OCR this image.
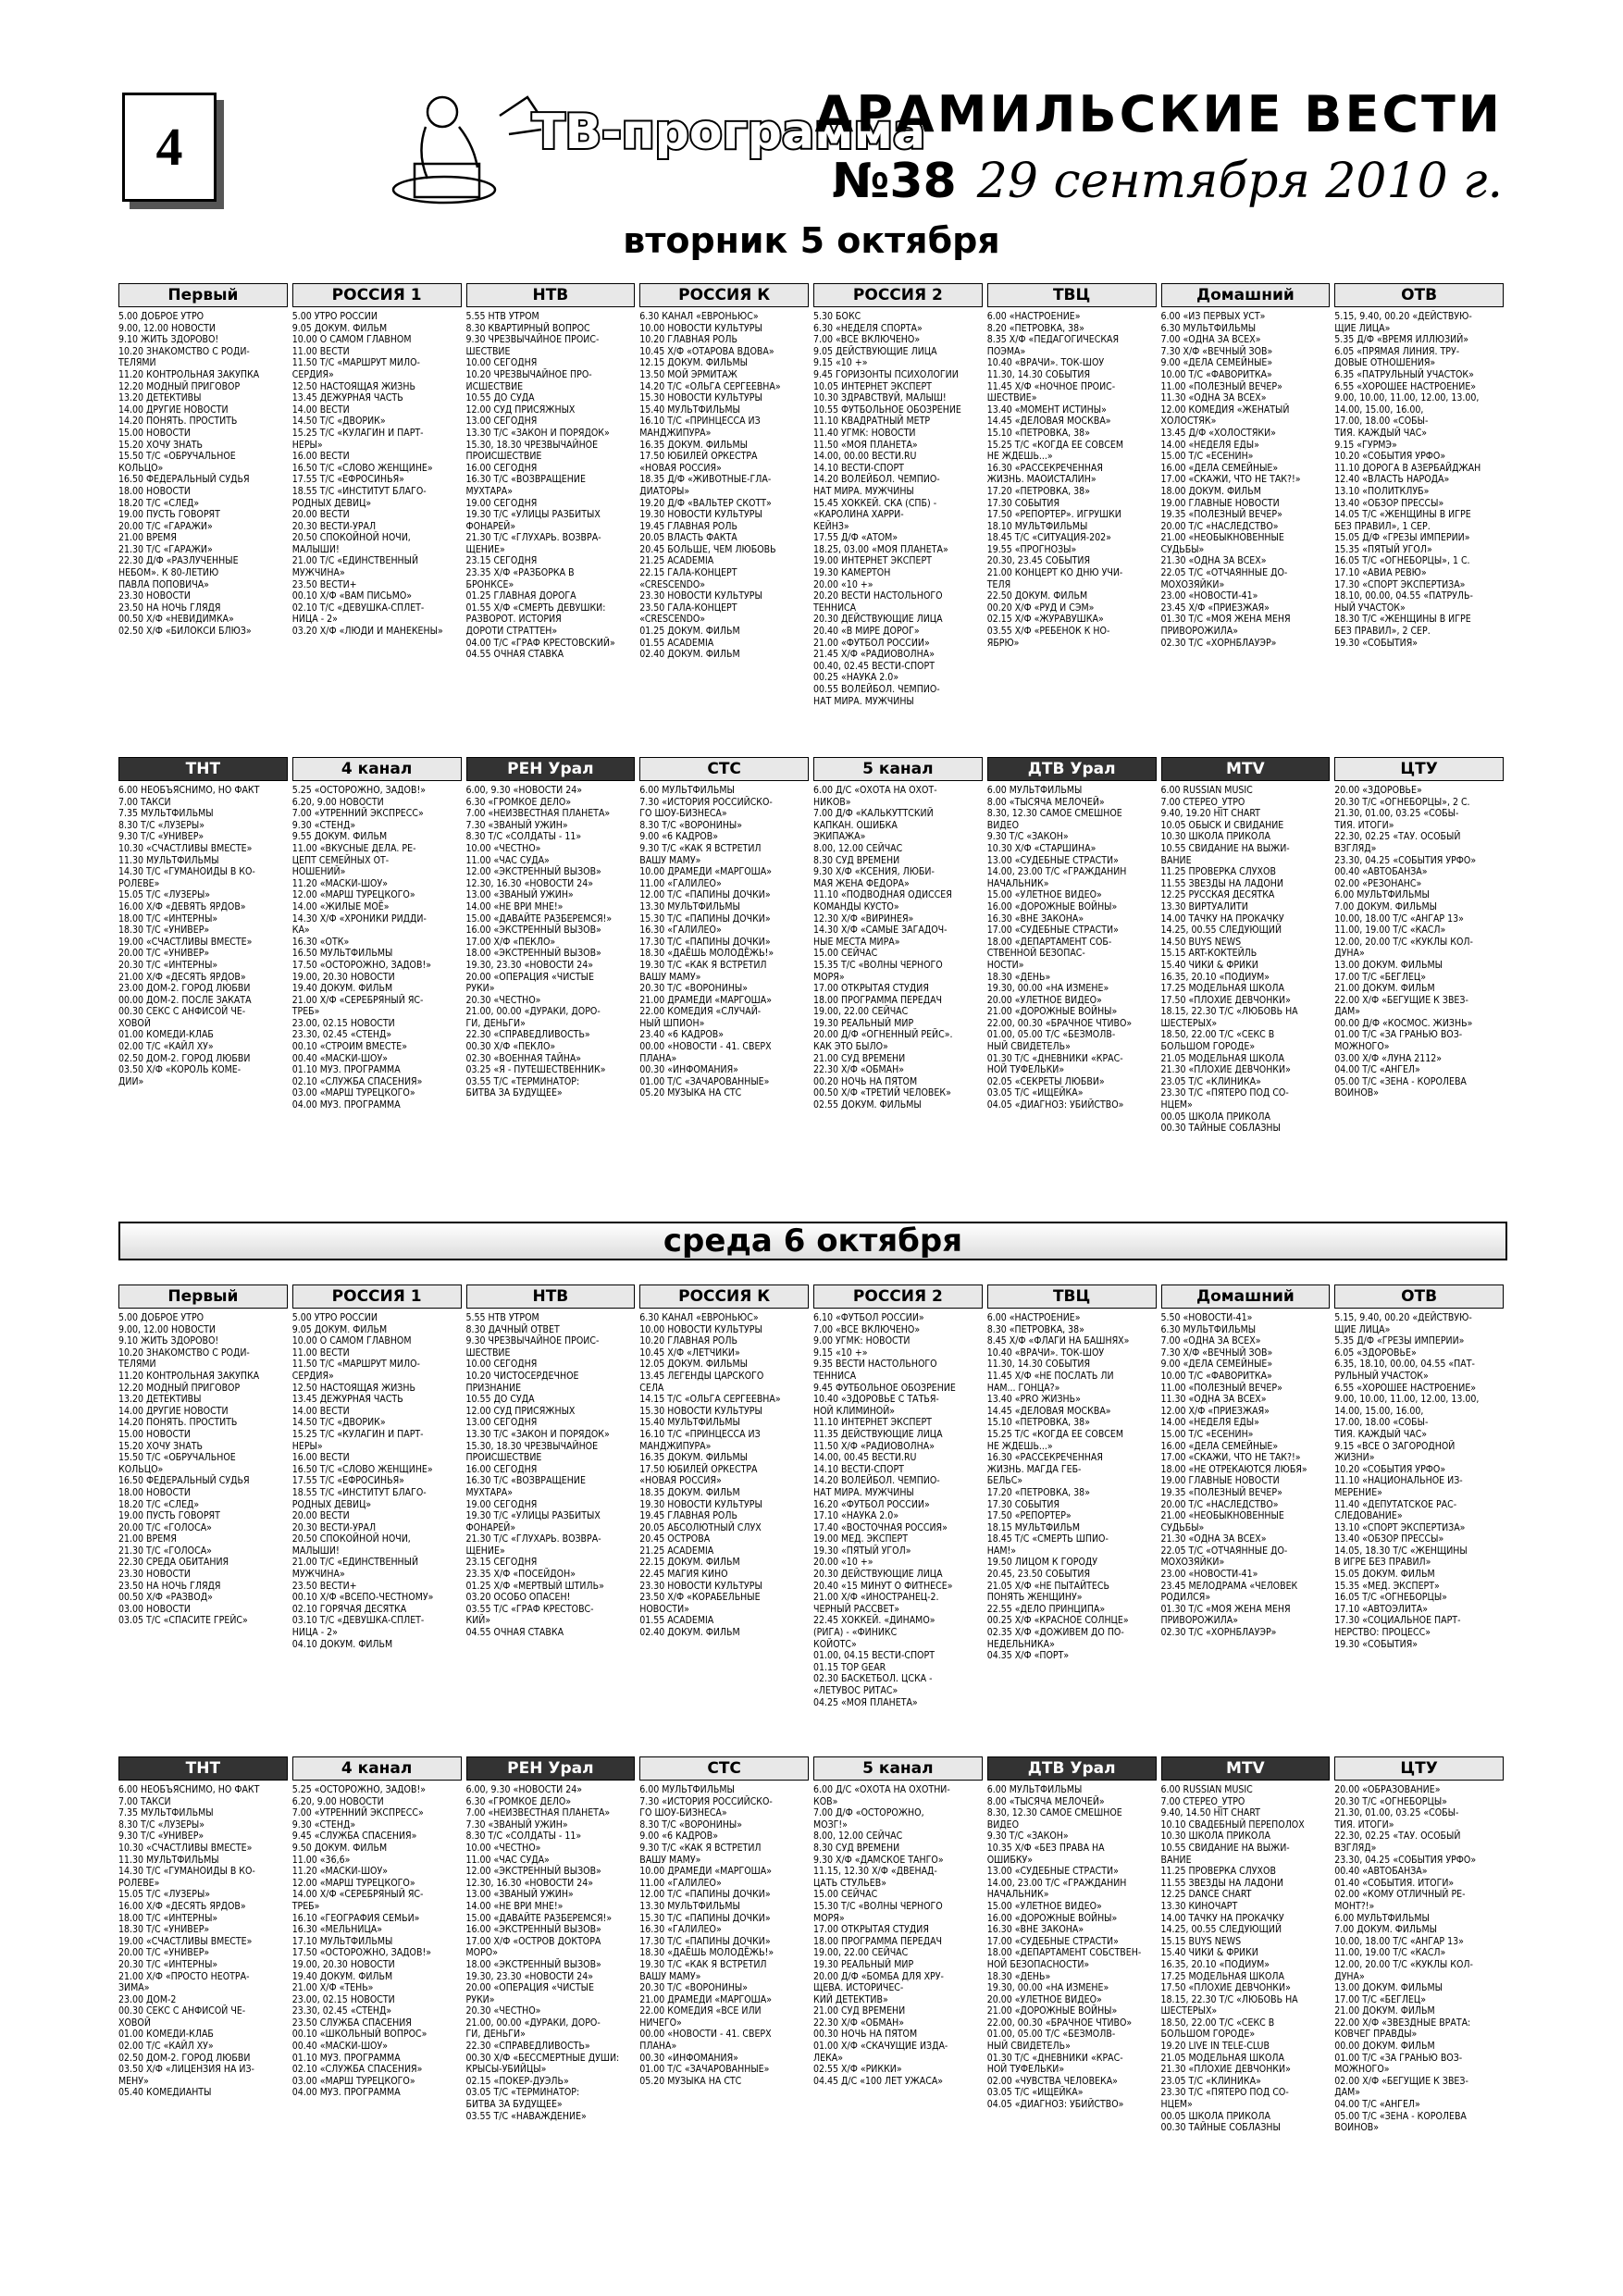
4	ТВ-программа
АРАМИЛЬСКИЕ ВЕСТИ
№38 29 сентября 2010 г.
вторник 5 октября
Первый
5.00 ДОБРОЕ УТРО
9.00, 12.00 НОВОСТИ
9.10 ЖИТЬ ЗДОРОВО!
10.20 ЗНАКОМСТВО С РОДИ-
ТЕЛЯМИ
11.20 КОНТРОЛЬНАЯ ЗАКУПКА
12.20 МОДНЫЙ ПРИГОВОР
13.20 ДЕТЕКТИВЫ
14.00 ДРУГИЕ НОВОСТИ
14.20 ПОНЯТЬ. ПРОСТИТЬ
15.00 НОВОСТИ
15.20 ХОЧУ ЗНАТЬ
15.50 Т/С «ОБРУЧАЛЬНОЕ
КОЛЬЦО»
16.50 ФЕДЕРАЛЬНЫЙ СУДЬЯ
18.00 НОВОСТИ
18.20 Т/С «СЛЕД»
19.00 ПУСТЬ ГОВОРЯТ
20.00 Т/С «ГАРАЖИ»
21.00 ВРЕМЯ
21.30 Т/С «ГАРАЖИ»
22.30 Д/Ф «РАЗЛУЧЕННЫЕ
НЕБОМ». К 80-ЛЕТИЮ
ПАВЛА ПОПОВИЧА»
23.30 НОВОСТИ
23.50 НА НОЧЬ ГЛЯДЯ
00.50 Х/Ф «НЕВИДИМКА»
02.50 Х/Ф «БИЛОКСИ БЛЮЗ»
РОССИЯ 1
5.00 УТРО РОССИИ
9.05 ДОКУМ. ФИЛЬМ
10.00 О САМОМ ГЛАВНОМ
11.00 ВЕСТИ
11.50 Т/С «МАРШРУТ МИЛО-
СЕРДИЯ»
12.50 НАСТОЯЩАЯ ЖИЗНЬ
13.45 ДЕЖУРНАЯ ЧАСТЬ
14.00 ВЕСТИ
14.50 Т/С «ДВОРИК»
15.25 Т/С «КУЛАГИН И ПАРТ-
НЕРЫ»
16.00 ВЕСТИ
16.50 Т/С «СЛОВО ЖЕНЩИНЕ»
17.55 Т/С «ЕФРОСИНЬЯ»
18.55 Т/С «ИНСТИТУТ БЛАГО-
РОДНЫХ ДЕВИЦ»
20.00 ВЕСТИ
20.30 ВЕСТИ-УРАЛ
20.50 СПОКОЙНОЙ НОЧИ,
МАЛЫШИ!
21.00 Т/С «ЕДИНСТВЕННЫЙ
МУЖЧИНА»
23.50 ВЕСТИ+
00.10 Х/Ф «ВАМ ПИСЬМО»
02.10 Т/С «ДЕВУШКА-СПЛЕТ-
НИЦА - 2»
03.20 Х/Ф «ЛЮДИ И МАНЕКЕНЫ»
НТВ
5.55 НТВ УТРОМ
8.30 КВАРТИРНЫЙ ВОПРОС
9.30 ЧРЕЗВЫЧАЙНОЕ ПРОИС-
ШЕСТВИЕ
10.00 СЕГОДНЯ
10.20 ЧРЕЗВЫЧАЙНОЕ ПРО-
ИСШЕСТВИЕ
10.55 ДО СУДА
12.00 СУД ПРИСЯЖНЫХ
13.00 СЕГОДНЯ
13.30 Т/С «ЗАКОН И ПОРЯДОК»
15.30, 18.30 ЧРЕЗВЫЧАЙНОЕ
ПРОИСШЕСТВИЕ
16.00 СЕГОДНЯ
16.30 Т/С «ВОЗВРАЩЕНИЕ
МУХТАРА»
19.00 СЕГОДНЯ
19.30 Т/С «УЛИЦЫ РАЗБИТЫХ
ФОНАРЕЙ»
21.30 Т/С «ГЛУХАРЬ. ВОЗВРА-
ЩЕНИЕ»
23.15 СЕГОДНЯ
23.35 Х/Ф «РАЗБОРКА В
БРОНКСЕ»
01.25 ГЛАВНАЯ ДОРОГА
01.55 Х/Ф «СМЕРТЬ ДЕВУШКИ:
РАЗВОРОТ. ИСТОРИЯ
ДОРОТИ СТРАТТЕН»
04.00 Т/С «ГРАФ КРЕСТОВСКИЙ»
04.55 ОЧНАЯ СТАВКА
РОССИЯ К
6.30 КАНАЛ «ЕВРОНЬЮС»
10.00 НОВОСТИ КУЛЬТУРЫ
10.20 ГЛАВНАЯ РОЛЬ
10.45 Х/Ф «ОТАРОВА ВДОВА»
12.15 ДОКУМ. ФИЛЬМЫ
13.50 МОЙ ЭРМИТАЖ
14.20 Т/С «ОЛЬГА СЕРГЕЕВНА»
15.30 НОВОСТИ КУЛЬТУРЫ
15.40 МУЛЬТФИЛЬМЫ
16.10 Т/С «ПРИНЦЕССА ИЗ
МАНДЖИПУРА»
16.35 ДОКУМ. ФИЛЬМЫ
17.50 ЮБИЛЕЙ ОРКЕСТРА
«НОВАЯ РОССИЯ»
18.35 Д/Ф «ЖИВОТНЫЕ-ГЛА-
ДИАТОРЫ»
19.20 Д/Ф «ВАЛЬТЕР СКОТТ»
19.30 НОВОСТИ КУЛЬТУРЫ
19.45 ГЛАВНАЯ РОЛЬ
20.05 ВЛАСТЬ ФАКТА
20.45 БОЛЬШЕ, ЧЕМ ЛЮБОВЬ
21.25 ACADEMIA
22.15 ГАЛА-КОНЦЕРТ
«CRESCENDO»
23.30 НОВОСТИ КУЛЬТУРЫ
23.50 ГАЛА-КОНЦЕРТ
«CRESCENDO»
01.25 ДОКУМ. ФИЛЬМ
01.55 ACADEMIA
02.40 ДОКУМ. ФИЛЬМ
РОССИЯ 2
5.30 БОКС
6.30 «НЕДЕЛЯ СПОРТА»
7.00 «ВСЕ ВКЛЮЧЕНО»
9.05 ДЕЙСТВУЮЩИЕ ЛИЦА
9.15 «10 +»
9.45 ГОРИЗОНТЫ ПСИХОЛОГИИ
10.05 ИНТЕРНЕТ ЭКСПЕРТ
10.30 ЗДРАВСТВУЙ, МАЛЫШ!
10.55 ФУТБОЛЬНОЕ ОБОЗРЕНИЕ
11.10 КВАДРАТНЫЙ МЕТР
11.40 УГМК: НОВОСТИ
11.50 «МОЯ ПЛАНЕТА»
14.00, 00.00 ВЕСТИ.RU
14.10 ВЕСТИ-СПОРТ
14.20 ВОЛЕЙБОЛ. ЧЕМПИО-
НАТ МИРА. МУЖЧИНЫ
15.45 ХОККЕЙ. СКА (СПБ) -
«КАРОЛИНА ХАРРИ-
КЕЙНЗ»
17.55 Д/Ф «АТОМ»
18.25, 03.00 «МОЯ ПЛАНЕТА»
19.00 ИНТЕРНЕТ ЭКСПЕРТ
19.30 КАМЕРТОН
20.00 «10 +»
20.20 ВЕСТИ НАСТОЛЬНОГО
ТЕННИСА
20.30 ДЕЙСТВУЮЩИЕ ЛИЦА
20.40 «В МИРЕ ДОРОГ»
21.00 «ФУТБОЛ РОССИИ»
21.45 Х/Ф «РАДИОВОЛНА»
00.40, 02.45 ВЕСТИ-СПОРТ
00.25 «НАУКА 2.0»
00.55 ВОЛЕЙБОЛ. ЧЕМПИО-
НАТ МИРА. МУЖЧИНЫ
ТВЦ
6.00 «НАСТРОЕНИЕ»
8.20 «ПЕТРОВКА, 38»
8.35 Х/Ф «ПЕДАГОГИЧЕСКАЯ
ПОЭМА»
10.40 «ВРАЧИ». ТОК-ШОУ
11.30, 14.30 СОБЫТИЯ
11.45 Х/Ф «НОЧНОЕ ПРОИС-
ШЕСТВИЕ»
13.40 «МОМЕНТ ИСТИНЫ»
14.45 «ДЕЛОВАЯ МОСКВА»
15.10 «ПЕТРОВКА, 38»
15.25 Т/С «КОГДА ЕЕ СОВСЕМ
НЕ ЖДЕШЬ...»
16.30 «РАССЕКРЕЧЕННАЯ
ЖИЗНЬ. МАОИСТАЛИН»
17.20 «ПЕТРОВКА, 38»
17.30 СОБЫТИЯ
17.50 «РЕПОРТЕР». ИГРУШКИ
18.10 МУЛЬТФИЛЬМЫ
18.45 Т/С «СИТУАЦИЯ-202»
19.55 «ПРОГНОЗЫ»
20.30, 23.45 СОБЫТИЯ
21.00 КОНЦЕРТ КО ДНЮ УЧИ-
ТЕЛЯ
22.50 ДОКУМ. ФИЛЬМ
00.20 Х/Ф «РУД И СЭМ»
02.15 Х/Ф «ЖУРАВУШКА»
03.55 Х/Ф «РЕБЕНОК К НО-
ЯБРЮ»
Домашний
6.00 «ИЗ ПЕРВЫХ УСТ»
6.30 МУЛЬТФИЛЬМЫ
7.00 «ОДНА ЗА ВСЕХ»
7.30 Х/Ф «ВЕЧНЫЙ ЗОВ»
9.00 «ДЕЛА СЕМЕЙНЫЕ»
10.00 Т/С «ФАВОРИТКА»
11.00 «ПОЛЕЗНЫЙ ВЕЧЕР»
11.30 «ОДНА ЗА ВСЕХ»
12.00 КОМЕДИЯ «ЖЕНАТЫЙ
ХОЛОСТЯК»
13.45 Д/Ф «ХОЛОСТЯКИ»
14.00 «НЕДЕЛЯ ЕДЫ»
15.00 Т/С «ЕСЕНИН»
16.00 «ДЕЛА СЕМЕЙНЫЕ»
17.00 «СКАЖИ, ЧТО НЕ ТАК?!»
18.00 ДОКУМ. ФИЛЬМ
19.00 ГЛАВНЫЕ НОВОСТИ
19.35 «ПОЛЕЗНЫЙ ВЕЧЕР»
20.00 Т/С «НАСЛЕДСТВО»
21.00 «НЕОБЫКНОВЕННЫЕ
СУДЬБЫ»
21.30 «ОДНА ЗА ВСЕХ»
22.05 Т/С «ОТЧАЯННЫЕ ДО-
МОХОЗЯЙКИ»
23.00 «НОВОСТИ-41»
23.45 Х/Ф «ПРИЕЗЖАЯ»
01.30 Т/С «МОЯ ЖЕНА МЕНЯ
ПРИВОРОЖИЛА»
02.30 Т/С «ХОРНБЛАУЭР»
ОТВ
5.15, 9.40, 00.20 «ДЕЙСТВУЮ-
ЩИЕ ЛИЦА»
5.35 Д/Ф «ВРЕМЯ ИЛЛЮЗИЙ»
6.05 «ПРЯМАЯ ЛИНИЯ. ТРУ-
ДОВЫЕ ОТНОШЕНИЯ»
6.35 «ПАТРУЛЬНЫЙ УЧАСТОК»
6.55 «ХОРОШЕЕ НАСТРОЕНИЕ»
9.00, 10.00, 11.00, 12.00, 13.00,
14.00, 15.00, 16.00,
17.00, 18.00 «СОБЫ-
ТИЯ. КАЖДЫЙ ЧАС»
9.15 «ГУРМЭ»
10.20 «СОБЫТИЯ УРФО»
11.10 ДОРОГА В АЗЕРБАЙДЖАН
12.40 «ВЛАСТЬ НАРОДА»
13.10 «ПОЛИТКЛУБ»
13.40 «ОБЗОР ПРЕССЫ»
14.05 Т/С «ЖЕНЩИНЫ В ИГРЕ
БЕЗ ПРАВИЛ», 1 СЕР.
15.05 Д/Ф «ГРЕЗЫ ИМПЕРИИ»
15.35 «ПЯТЫЙ УГОЛ»
16.05 Т/С «ОГНЕБОРЦЫ», 1 С.
17.10 «АВИА РЕВЮ»
17.30 «СПОРТ ЭКСПЕРТИЗА»
18.10, 00.00, 04.55 «ПАТРУЛЬ-
НЫЙ УЧАСТОК»
18.30 Т/С «ЖЕНЩИНЫ В ИГРЕ
БЕЗ ПРАВИЛ», 2 СЕР.
19.30 «СОБЫТИЯ»
ТНТ
6.00 НЕОБЪЯСНИМО, НО ФАКТ
7.00 ТАКСИ
7.35 МУЛЬТФИЛЬМЫ
8.30 Т/С «ЛУЗЕРЫ»
9.30 Т/С «УНИВЕР»
10.30 «СЧАСТЛИВЫ ВМЕСТЕ»
11.30 МУЛЬТФИЛЬМЫ
14.30 Т/С «ГУМАНОИДЫ В КО-
РОЛЕВЕ»
15.05 Т/С «ЛУЗЕРЫ»
16.00 Х/Ф «ДЕВЯТЬ ЯРДОВ»
18.00 Т/С «ИНТЕРНЫ»
18.30 Т/С «УНИВЕР»
19.00 «СЧАСТЛИВЫ ВМЕСТЕ»
20.00 Т/С «УНИВЕР»
20.30 Т/С «ИНТЕРНЫ»
21.00 Х/Ф «ДЕСЯТЬ ЯРДОВ»
23.00 ДОМ-2. ГОРОД ЛЮБВИ
00.00 ДОМ-2. ПОСЛЕ ЗАКАТА
00.30 СЕКС С АНФИСОЙ ЧЕ-
ХОВОЙ
01.00 КОМЕДИ-КЛАБ
02.00 Т/С «КАЙЛ ХУ»
02.50 ДОМ-2. ГОРОД ЛЮБВИ
03.50 Х/Ф «КОРОЛЬ КОМЕ-
ДИИ»
4 канал
5.25 «ОСТОРОЖНО, ЗАДОВ!»
6.20, 9.00 НОВОСТИ
7.00 «УТРЕННИЙ ЭКСПРЕСС»
9.30 «СТЕНД»
9.55 ДОКУМ. ФИЛЬМ
11.00 «ВКУСНЫЕ ДЕЛА. РЕ-
ЦЕПТ СЕМЕЙНЫХ ОТ-
НОШЕНИЙ»
11.20 «МАСКИ-ШОУ»
12.00 «МАРШ ТУРЕЦКОГО»
14.00 «ЖИЛЫЕ МОЁ»
14.30 Х/Ф «ХРОНИКИ РИДДИ-
КА»
16.30 «ОТК»
16.50 МУЛЬТФИЛЬМЫ
17.50 «ОСТОРОЖНО, ЗАДОВ!»
19.00, 20.30 НОВОСТИ
19.40 ДОКУМ. ФИЛЬМ
21.00 Х/Ф «СЕРЕБРЯНЫЙ ЯС-
ТРЕБ»
23.00, 02.15 НОВОСТИ
23.30, 02.45 «СТЕНД»
00.10 «СТРОИМ ВМЕСТЕ»
00.40 «МАСКИ-ШОУ»
01.10 МУЗ. ПРОГРАММА
02.10 «СЛУЖБА СПАСЕНИЯ»
03.00 «МАРШ ТУРЕЦКОГО»
04.00 МУЗ. ПРОГРАММА
РЕН Урал
6.00, 9.30 «НОВОСТИ 24»
6.30 «ГРОМКОЕ ДЕЛО»
7.00 «НЕИЗВЕСТНАЯ ПЛАНЕТА»
7.30 «ЗВАНЫЙ УЖИН»
8.30 Т/С «СОЛДАТЫ - 11»
10.00 «ЧЕСТНО»
11.00 «ЧАС СУДА»
12.00 «ЭКСТРЕННЫЙ ВЫЗОВ»
12.30, 16.30 «НОВОСТИ 24»
13.00 «ЗВАНЫЙ УЖИН»
14.00 «НЕ ВРИ МНЕ!»
15.00 «ДАВАЙТЕ РАЗБЕРЕМСЯ!»
16.00 «ЭКСТРЕННЫЙ ВЫЗОВ»
17.00 Х/Ф «ПЕКЛО»
18.00 «ЭКСТРЕННЫЙ ВЫЗОВ»
19.30, 23.30 «НОВОСТИ 24»
20.00 «ОПЕРАЦИЯ «ЧИСТЫЕ
РУКИ»
20.30 «ЧЕСТНО»
21.00, 00.00 «ДУРАКИ, ДОРО-
ГИ, ДЕНЬГИ»
22.30 «СПРАВЕДЛИВОСТЬ»
00.30 Х/Ф «ПЕКЛО»
02.30 «ВОЕННАЯ ТАЙНА»
03.25 «Я - ПУТЕШЕСТВЕННИК»
03.55 Т/С «ТЕРМИНАТОР:
БИТВА ЗА БУДУЩЕЕ»
СТС
6.00 МУЛЬТФИЛЬМЫ
7.30 «ИСТОРИЯ РОССИЙСКО-
ГО ШОУ-БИЗНЕСА»
8.30 Т/С «ВОРОНИНЫ»
9.00 «6 КАДРОВ»
9.30 Т/С «КАК Я ВСТРЕТИЛ
ВАШУ МАМУ»
10.00 ДРАМЕДИ «МАРГОША»
11.00 «ГАЛИЛЕО»
12.00 Т/С «ПАПИНЫ ДОЧКИ»
13.30 МУЛЬТФИЛЬМЫ
15.30 Т/С «ПАПИНЫ ДОЧКИ»
16.30 «ГАЛИЛЕО»
17.30 Т/С «ПАПИНЫ ДОЧКИ»
18.30 «ДАЁШЬ МОЛОДЁЖЬ!»
19.30 Т/С «КАК Я ВСТРЕТИЛ
ВАШУ МАМУ»
20.30 Т/С «ВОРОНИНЫ»
21.00 ДРАМЕДИ «МАРГОША»
22.00 КОМЕДИЯ «СЛУЧАЙ-
НЫЙ ШПИОН»
23.40 «6 КАДРОВ»
00.00 «НОВОСТИ - 41. СВЕРХ
ПЛАНА»
00.30 «ИНФОМАНИЯ»
01.00 Т/С «ЗАЧАРОВАННЫЕ»
05.20 МУЗЫКА НА СТС
5 канал
6.00 Д/С «ОХОТА НА ОХОТ-
НИКОВ»
7.00 Д/Ф «КАЛЬКУТТСКИЙ
КАПКАН. ОШИБКА
ЭКИПАЖА»
8.00, 12.00 СЕЙЧАС
8.30 СУД ВРЕМЕНИ
9.30 Х/Ф «КСЕНИЯ, ЛЮБИ-
МАЯ ЖЕНА ФЕДОРА»
11.10 «ПОДВОДНАЯ ОДИССЕЯ
КОМАНДЫ КУСТО»
12.30 Х/Ф «ВИРИНЕЯ»
14.30 Х/Ф «САМЫЕ ЗАГАДОЧ-
НЫЕ МЕСТА МИРА»
15.00 СЕЙЧАС
15.35 Т/С «ВОЛНЫ ЧЕРНОГО
МОРЯ»
17.00 ОТКРЫТАЯ СТУДИЯ
18.00 ПРОГРАММА ПЕРЕДАЧ
19.00, 22.00 СЕЙЧАС
19.30 РЕАЛЬНЫЙ МИР
20.00 Д/Ф «ОГНЕННЫЙ РЕЙС».
КАК ЭТО БЫЛО»
21.00 СУД ВРЕМЕНИ
22.30 Х/Ф «ОБМАН»
00.20 НОЧЬ НА ПЯТОМ
00.50 Х/Ф «ТРЕТИЙ ЧЕЛОВЕК»
02.55 ДОКУМ. ФИЛЬМЫ
ДТВ Урал
6.00 МУЛЬТФИЛЬМЫ
8.00 «ТЫСЯЧА МЕЛОЧЕЙ»
8.30, 12.30 САМОЕ СМЕШНОЕ
ВИДЕО
9.30 Т/С «ЗАКОН»
10.30 Х/Ф «СТАРШИНА»
13.00 «СУДЕБНЫЕ СТРАСТИ»
14.00, 23.00 Т/С «ГРАЖДАНИН
НАЧАЛЬНИК»
15.00 «УЛЕТНОЕ ВИДЕО»
16.00 «ДОРОЖНЫЕ ВОЙНЫ»
16.30 «ВНЕ ЗАКОНА»
17.00 «СУДЕБНЫЕ СТРАСТИ»
18.00 «ДЕПАРТАМЕНТ СОБ-
СТВЕННОЙ БЕЗОПАС-
НОСТИ»
18.30 «ДЕНЬ»
19.30, 00.00 «НА ИЗМЕНЕ»
20.00 «УЛЕТНОЕ ВИДЕО»
21.00 «ДОРОЖНЫЕ ВОЙНЫ»
22.00, 00.30 «БРАЧНОЕ ЧТИВО»
01.00, 05.00 Т/С «БЕЗМОЛВ-
НЫЙ СВИДЕТЕЛЬ»
01.30 Т/С «ДНЕВНИКИ «КРАС-
НОЙ ТУФЕЛЬКИ»
02.05 «СЕКРЕТЫ ЛЮБВИ»
03.05 Т/С «ИЩЕЙКА»
04.05 «ДИАГНОЗ: УБИЙСТВО»
MTV
6.00 RUSSIAN MUSIC
7.00 СТЕРЕО_УТРО
9.40, 19.20 HIT CHART
10.05 ОБЫСК И СВИДАНИЕ
10.30 ШКОЛА ПРИКОЛА
10.55 СВИДАНИЕ НА ВЫЖИ-
ВАНИЕ
11.25 ПРОВЕРКА СЛУХОВ
11.55 ЗВЕЗДЫ НА ЛАДОНИ
12.25 РУССКАЯ ДЕСЯТКА
13.30 ВИРТУАЛИТИ
14.00 ТАЧКУ НА ПРОКАЧКУ
14.25, 00.55 СЛЕДУЮЩИЙ
14.50 BUYS NEWS
15.15 ART-КОКТЕЙЛЬ
15.40 ЧИКИ & ФРИКИ
16.35, 20.10 «ПОДИУМ»
17.25 МОДЕЛЬНАЯ ШКОЛА
17.50 «ПЛОХИЕ ДЕВЧОНКИ»
18.15, 22.30 Т/С «ЛЮБОВЬ НА
ШЕСТЕРЫХ»
18.50, 22.00 Т/С «СЕКС В
БОЛЬШОМ ГОРОДЕ»
21.05 МОДЕЛЬНАЯ ШКОЛА
21.30 «ПЛОХИЕ ДЕВЧОНКИ»
23.05 Т/С «КЛИНИКА»
23.30 Т/С «ПЯТЕРО ПОД СО-
НЦЕМ»
00.05 ШКОЛА ПРИКОЛА
00.30 ТАЙНЫЕ СОБЛАЗНЫ
ЦТУ
20.00 «ЗДОРОВЬЕ»
20.30 Т/С «ОГНЕБОРЦЫ», 2 С.
21.30, 01.00, 03.25 «СОБЫ-
ТИЯ. ИТОГИ»
22.30, 02.25 «ТАУ. ОСОБЫЙ
ВЗГЛЯД»
23.30, 04.25 «СОБЫТИЯ УРФО»
00.40 «АВТОБАНЗА»
02.00 «РЕЗОНАНС»
6.00 МУЛЬТФИЛЬМЫ
7.00 ДОКУМ. ФИЛЬМЫ
10.00, 18.00 Т/С «АНГАР 13»
11.00, 19.00 Т/С «КАСЛ»
12.00, 20.00 Т/С «КУКЛЫ КОЛ-
ДУНА»
13.00 ДОКУМ. ФИЛЬМЫ
17.00 Т/С «БЕГЛЕЦ»
21.00 ДОКУМ. ФИЛЬМ
22.00 Х/Ф «БЕГУЩИЕ К ЗВЕЗ-
ДАМ»
00.00 Д/Ф «КОСМОС. ЖИЗНЬ»
01.00 Т/С «ЗА ГРАНЬЮ ВОЗ-
МОЖНОГО»
03.00 Х/Ф «ЛУНА 2112»
04.00 Т/С «АНГЕЛ»
05.00 Т/С «ЗЕНА - КОРОЛЕВА
ВОИНОВ»
среда 6 октября
Первый
5.00 ДОБРОЕ УТРО
9.00, 12.00 НОВОСТИ
9.10 ЖИТЬ ЗДОРОВО!
10.20 ЗНАКОМСТВО С РОДИ-
ТЕЛЯМИ
11.20 КОНТРОЛЬНАЯ ЗАКУПКА
12.20 МОДНЫЙ ПРИГОВОР
13.20 ДЕТЕКТИВЫ
14.00 ДРУГИЕ НОВОСТИ
14.20 ПОНЯТЬ. ПРОСТИТЬ
15.00 НОВОСТИ
15.20 ХОЧУ ЗНАТЬ
15.50 Т/С «ОБРУЧАЛЬНОЕ
КОЛЬЦО»
16.50 ФЕДЕРАЛЬНЫЙ СУДЬЯ
18.00 НОВОСТИ
18.20 Т/С «СЛЕД»
19.00 ПУСТЬ ГОВОРЯТ
20.00 Т/С «ГОЛОСА»
21.00 ВРЕМЯ
21.30 Т/С «ГОЛОСА»
22.30 СРЕДА ОБИТАНИЯ
23.30 НОВОСТИ
23.50 НА НОЧЬ ГЛЯДЯ
00.50 Х/Ф «РАЗВОД»
03.00 НОВОСТИ
03.05 Т/С «СПАСИТЕ ГРЕЙС»
РОССИЯ 1
5.00 УТРО РОССИИ
9.05 ДОКУМ. ФИЛЬМ
10.00 О САМОМ ГЛАВНОМ
11.00 ВЕСТИ
11.50 Т/С «МАРШРУТ МИЛО-
СЕРДИЯ»
12.50 НАСТОЯЩАЯ ЖИЗНЬ
13.45 ДЕЖУРНАЯ ЧАСТЬ
14.00 ВЕСТИ
14.50 Т/С «ДВОРИК»
15.25 Т/С «КУЛАГИН И ПАРТ-
НЕРЫ»
16.00 ВЕСТИ
16.50 Т/С «СЛОВО ЖЕНЩИНЕ»
17.55 Т/С «ЕФРОСИНЬЯ»
18.55 Т/С «ИНСТИТУТ БЛАГО-
РОДНЫХ ДЕВИЦ»
20.00 ВЕСТИ
20.30 ВЕСТИ-УРАЛ
20.50 СПОКОЙНОЙ НОЧИ,
МАЛЫШИ!
21.00 Т/С «ЕДИНСТВЕННЫЙ
МУЖЧИНА»
23.50 ВЕСТИ+
00.10 Х/Ф «ВСЕПО-ЧЕСТНОМУ»
02.10 ГОРЯЧАЯ ДЕСЯТКА
03.10 Т/С «ДЕВУШКА-СПЛЕТ-
НИЦА - 2»
04.10 ДОКУМ. ФИЛЬМ
НТВ
5.55 НТВ УТРОМ
8.30 ДАЧНЫЙ ОТВЕТ
9.30 ЧРЕЗВЫЧАЙНОЕ ПРОИС-
ШЕСТВИЕ
10.00 СЕГОДНЯ
10.20 ЧИСТОСЕРДЕЧНОЕ
ПРИЗНАНИЕ
10.55 ДО СУДА
12.00 СУД ПРИСЯЖНЫХ
13.00 СЕГОДНЯ
13.30 Т/С «ЗАКОН И ПОРЯДОК»
15.30, 18.30 ЧРЕЗВЫЧАЙНОЕ
ПРОИСШЕСТВИЕ
16.00 СЕГОДНЯ
16.30 Т/С «ВОЗВРАЩЕНИЕ
МУХТАРА»
19.00 СЕГОДНЯ
19.30 Т/С «УЛИЦЫ РАЗБИТЫХ
ФОНАРЕЙ»
21.30 Т/С «ГЛУХАРЬ. ВОЗВРА-
ЩЕНИЕ»
23.15 СЕГОДНЯ
23.35 Х/Ф «ПОСЕЙДОН»
01.25 Х/Ф «МЕРТВЫЙ ШТИЛЬ»
03.20 ОСОБО ОПАСЕН!
03.55 Т/С «ГРАФ КРЕСТОВС-
КИЙ»
04.55 ОЧНАЯ СТАВКА
РОССИЯ К
6.30 КАНАЛ «ЕВРОНЬЮС»
10.00 НОВОСТИ КУЛЬТУРЫ
10.20 ГЛАВНАЯ РОЛЬ
10.45 Х/Ф «ЛЕТЧИКИ»
12.05 ДОКУМ. ФИЛЬМЫ
13.45 ЛЕГЕНДЫ ЦАРСКОГО
СЕЛА
14.15 Т/С «ОЛЬГА СЕРГЕЕВНА»
15.30 НОВОСТИ КУЛЬТУРЫ
15.40 МУЛЬТФИЛЬМЫ
16.10 Т/С «ПРИНЦЕССА ИЗ
МАНДЖИПУРА»
16.35 ДОКУМ. ФИЛЬМЫ
17.50 ЮБИЛЕЙ ОРКЕСТРА
«НОВАЯ РОССИЯ»
18.35 ДОКУМ. ФИЛЬМ
19.30 НОВОСТИ КУЛЬТУРЫ
19.45 ГЛАВНАЯ РОЛЬ
20.05 АБСОЛЮТНЫЙ СЛУХ
20.45 ОСТРОВА
21.25 ACADEMIA
22.15 ДОКУМ. ФИЛЬМ
22.45 МАГИЯ КИНО
23.30 НОВОСТИ КУЛЬТУРЫ
23.50 Х/Ф «КОРАБЕЛЬНЫЕ
НОВОСТИ»
01.55 ACADEMIA
02.40 ДОКУМ. ФИЛЬМ
РОССИЯ 2
6.10 «ФУТБОЛ РОССИИ»
7.00 «ВСЕ ВКЛЮЧЕНО»
9.00 УГМК: НОВОСТИ
9.15 «10 +»
9.35 ВЕСТИ НАСТОЛЬНОГО
ТЕННИСА
9.45 ФУТБОЛЬНОЕ ОБОЗРЕНИЕ
10.40 «ЗДОРОВЬЕ С ТАТЬЯ-
НОЙ КЛИМИНОЙ»
11.10 ИНТЕРНЕТ ЭКСПЕРТ
11.35 ДЕЙСТВУЮЩИЕ ЛИЦА
11.50 Х/Ф «РАДИОВОЛНА»
14.00, 00.45 ВЕСТИ.RU
14.10 ВЕСТИ-СПОРТ
14.20 ВОЛЕЙБОЛ. ЧЕМПИО-
НАТ МИРА. МУЖЧИНЫ
16.20 «ФУТБОЛ РОССИИ»
17.10 «НАУКА 2.0»
17.40 «ВОСТОЧНАЯ РОССИЯ»
19.00 МЕД. ЭКСПЕРТ
19.30 «ПЯТЫЙ УГОЛ»
20.00 «10 +»
20.30 ДЕЙСТВУЮЩИЕ ЛИЦА
20.40 «15 МИНУТ О ФИТНЕСЕ»
21.00 Х/Ф «ИНОСТРАНЕЦ-2.
ЧЕРНЫЙ РАССВЕТ»
22.45 ХОККЕЙ. «ДИНАМО»
(РИГА) - «ФИНИКС
КОЙОТС»
01.00, 04.15 ВЕСТИ-СПОРТ
01.15 TOP GEAR
02.30 БАСКЕТБОЛ. ЦСКА -
«ЛЕТУВОС РИТАС»
04.25 «МОЯ ПЛАНЕТА»
ТВЦ
6.00 «НАСТРОЕНИЕ»
8.30 «ПЕТРОВКА, 38»
8.45 Х/Ф «ФЛАГИ НА БАШНЯХ»
10.40 «ВРАЧИ». ТОК-ШОУ
11.30, 14.30 СОБЫТИЯ
11.45 Х/Ф «НЕ ПОСЛАТЬ ЛИ
НАМ... ГОНЦА?»
13.40 «PRO ЖИЗНЬ»
14.45 «ДЕЛОВАЯ МОСКВА»
15.10 «ПЕТРОВКА, 38»
15.25 Т/С «КОГДА ЕЕ СОВСЕМ
НЕ ЖДЕШЬ...»
16.30 «РАССЕКРЕЧЕННАЯ
ЖИЗНЬ. МАГДА ГЕБ-
БЕЛЬС»
17.20 «ПЕТРОВКА, 38»
17.30 СОБЫТИЯ
17.50 «РЕПОРТЕР»
18.15 МУЛЬТФИЛЬМ
18.45 Т/С «СМЕРТЬ ШПИО-
НАМ!»
19.50 ЛИЦОМ К ГОРОДУ
20.45, 23.50 СОБЫТИЯ
21.05 Х/Ф «НЕ ПЫТАЙТЕСЬ
ПОНЯТЬ ЖЕНЩИНУ»
22.55 «ДЕЛО ПРИНЦИПА»
00.25 Х/Ф «КРАСНОЕ СОЛНЦЕ»
02.35 Х/Ф «ДОЖИВЕМ ДО ПО-
НЕДЕЛЬНИКА»
04.35 Х/Ф «ПОРТ»
Домашний
5.50 «НОВОСТИ-41»
6.30 МУЛЬТФИЛЬМЫ
7.00 «ОДНА ЗА ВСЕХ»
7.30 Х/Ф «ВЕЧНЫЙ ЗОВ»
9.00 «ДЕЛА СЕМЕЙНЫЕ»
10.00 Т/С «ФАВОРИТКА»
11.00 «ПОЛЕЗНЫЙ ВЕЧЕР»
11.30 «ОДНА ЗА ВСЕХ»
12.00 Х/Ф «ПРИЕЗЖАЯ»
14.00 «НЕДЕЛЯ ЕДЫ»
15.00 Т/С «ЕСЕНИН»
16.00 «ДЕЛА СЕМЕЙНЫЕ»
17.00 «СКАЖИ, ЧТО НЕ ТАК?!»
18.00 «НЕ ОТРЕКАЮТСЯ ЛЮБЯ»
19.00 ГЛАВНЫЕ НОВОСТИ
19.35 «ПОЛЕЗНЫЙ ВЕЧЕР»
20.00 Т/С «НАСЛЕДСТВО»
21.00 «НЕОБЫКНОВЕННЫЕ
СУДЬБЫ»
21.30 «ОДНА ЗА ВСЕХ»
22.05 Т/С «ОТЧАЯННЫЕ ДО-
МОХОЗЯЙКИ»
23.00 «НОВОСТИ-41»
23.45 МЕЛОДРАМА «ЧЕЛОВЕК
РОДИЛСЯ»
01.30 Т/С «МОЯ ЖЕНА МЕНЯ
ПРИВОРОЖИЛА»
02.30 Т/С «ХОРНБЛАУЭР»
ОТВ
5.15, 9.40, 00.20 «ДЕЙСТВУЮ-
ЩИЕ ЛИЦА»
5.35 Д/Ф «ГРЕЗЫ ИМПЕРИИ»
6.05 «ЗДОРОВЬЕ»
6.35, 18.10, 00.00, 04.55 «ПАТ-
РУЛЬНЫЙ УЧАСТОК»
6.55 «ХОРОШЕЕ НАСТРОЕНИЕ»
9.00, 10.00, 11.00, 12.00, 13.00,
14.00, 15.00, 16.00,
17.00, 18.00 «СОБЫ-
ТИЯ. КАЖДЫЙ ЧАС»
9.15 «ВСЕ О ЗАГОРОДНОЙ
ЖИЗНИ»
10.20 «СОБЫТИЯ УРФО»
11.10 «НАЦИОНАЛЬНОЕ ИЗ-
МЕРЕНИЕ»
11.40 «ДЕПУТАТСКОЕ РАС-
СЛЕДОВАНИЕ»
13.10 «СПОРТ ЭКСПЕРТИЗА»
13.40 «ОБЗОР ПРЕССЫ»
14.05, 18.30 Т/С «ЖЕНЩИНЫ
В ИГРЕ БЕЗ ПРАВИЛ»
15.05 ДОКУМ. ФИЛЬМ
15.35 «МЕД. ЭКСПЕРТ»
16.05 Т/С «ОГНЕБОРЦЫ»
17.10 «АВТОЭЛИТА»
17.30 «СОЦИАЛЬНОЕ ПАРТ-
НЕРСТВО: ПРОЦЕСС»
19.30 «СОБЫТИЯ»
ТНТ
6.00 НЕОБЪЯСНИМО, НО ФАКТ
7.00 ТАКСИ
7.35 МУЛЬТФИЛЬМЫ
8.30 Т/С «ЛУЗЕРЫ»
9.30 Т/С «УНИВЕР»
10.30 «СЧАСТЛИВЫ ВМЕСТЕ»
11.30 МУЛЬТФИЛЬМЫ
14.30 Т/С «ГУМАНОИДЫ В КО-
РОЛЕВЕ»
15.05 Т/С «ЛУЗЕРЫ»
16.00 Х/Ф «ДЕСЯТЬ ЯРДОВ»
18.00 Т/С «ИНТЕРНЫ»
18.30 Т/С «УНИВЕР»
19.00 «СЧАСТЛИВЫ ВМЕСТЕ»
20.00 Т/С «УНИВЕР»
20.30 Т/С «ИНТЕРНЫ»
21.00 Х/Ф «ПРОСТО НЕОТРА-
ЗИМА»
23.00 ДОМ-2
00.30 СЕКС С АНФИСОЙ ЧЕ-
ХОВОЙ
01.00 КОМЕДИ-КЛАБ
02.00 Т/С «КАЙЛ ХУ»
02.50 ДОМ-2. ГОРОД ЛЮБВИ
03.50 Х/Ф «ЛИЦЕНЗИЯ НА ИЗ-
МЕНУ»
05.40 КОМЕДИАНТЫ
4 канал
5.25 «ОСТОРОЖНО, ЗАДОВ!»
6.20, 9.00 НОВОСТИ
7.00 «УТРЕННИЙ ЭКСПРЕСС»
9.30 «СТЕНД»
9.45 «СЛУЖБА СПАСЕНИЯ»
9.50 ДОКУМ. ФИЛЬМ
11.00 «36,6»
11.20 «МАСКИ-ШОУ»
12.00 «МАРШ ТУРЕЦКОГО»
14.00 Х/Ф «СЕРЕБРЯНЫЙ ЯС-
ТРЕБ»
16.10 «ГЕОГРАФИЯ СЕМЬИ»
16.30 «МЕЛЬНИЦА»
17.10 МУЛЬТФИЛЬМЫ
17.50 «ОСТОРОЖНО, ЗАДОВ!»
19.00, 20.30 НОВОСТИ
19.40 ДОКУМ. ФИЛЬМ
21.00 Х/Ф «ТЕНЬ»
23.00, 02.15 НОВОСТИ
23.30, 02.45 «СТЕНД»
23.50 СЛУЖБА СПАСЕНИЯ
00.10 «ШКОЛЬНЫЙ ВОПРОС»
00.40 «МАСКИ-ШОУ»
01.10 МУЗ. ПРОГРАММА
02.10 «СЛУЖБА СПАСЕНИЯ»
03.00 «МАРШ ТУРЕЦКОГО»
04.00 МУЗ. ПРОГРАММА
РЕН Урал
6.00, 9.30 «НОВОСТИ 24»
6.30 «ГРОМКОЕ ДЕЛО»
7.00 «НЕИЗВЕСТНАЯ ПЛАНЕТА»
7.30 «ЗВАНЫЙ УЖИН»
8.30 Т/С «СОЛДАТЫ - 11»
10.00 «ЧЕСТНО»
11.00 «ЧАС СУДА»
12.00 «ЭКСТРЕННЫЙ ВЫЗОВ»
12.30, 16.30 «НОВОСТИ 24»
13.00 «ЗВАНЫЙ УЖИН»
14.00 «НЕ ВРИ МНЕ!»
15.00 «ДАВАЙТЕ РАЗБЕРЕМСЯ!»
16.00 «ЭКСТРЕННЫЙ ВЫЗОВ»
17.00 Х/Ф «ОСТРОВ ДОКТОРА
МОРО»
18.00 «ЭКСТРЕННЫЙ ВЫЗОВ»
19.30, 23.30 «НОВОСТИ 24»
20.00 «ОПЕРАЦИЯ «ЧИСТЫЕ
РУКИ»
20.30 «ЧЕСТНО»
21.00, 00.00 «ДУРАКИ, ДОРО-
ГИ, ДЕНЬГИ»
22.30 «СПРАВЕДЛИВОСТЬ»
00.30 Х/Ф «БЕССМЕРТНЫЕ ДУШИ:
КРЫСЫ-УБИЙЦЫ»
02.15 «ПОКЕР-ДУЭЛЬ»
03.05 Т/С «ТЕРМИНАТОР:
БИТВА ЗА БУДУЩЕЕ»
03.55 Т/С «НАВАЖДЕНИЕ»
СТС
6.00 МУЛЬТФИЛЬМЫ
7.30 «ИСТОРИЯ РОССИЙСКО-
ГО ШОУ-БИЗНЕСА»
8.30 Т/С «ВОРОНИНЫ»
9.00 «6 КАДРОВ»
9.30 Т/С «КАК Я ВСТРЕТИЛ
ВАШУ МАМУ»
10.00 ДРАМЕДИ «МАРГОША»
11.00 «ГАЛИЛЕО»
12.00 Т/С «ПАПИНЫ ДОЧКИ»
13.30 МУЛЬТФИЛЬМЫ
15.30 Т/С «ПАПИНЫ ДОЧКИ»
16.30 «ГАЛИЛЕО»
17.30 Т/С «ПАПИНЫ ДОЧКИ»
18.30 «ДАЁШЬ МОЛОДЁЖЬ!»
19.30 Т/С «КАК Я ВСТРЕТИЛ
ВАШУ МАМУ»
20.30 Т/С «ВОРОНИНЫ»
21.00 ДРАМЕДИ «МАРГОША»
22.00 КОМЕДИЯ «ВСЕ ИЛИ
НИЧЕГО»
00.00 «НОВОСТИ - 41. СВЕРХ
ПЛАНА»
00.30 «ИНФОМАНИЯ»
01.00 Т/С «ЗАЧАРОВАННЫЕ»
05.20 МУЗЫКА НА СТС
5 канал
6.00 Д/С «ОХОТА НА ОХОТНИ-
КОВ»
7.00 Д/Ф «ОСТОРОЖНО,
МОЗГ!»
8.00, 12.00 СЕЙЧАС
8.30 СУД ВРЕМЕНИ
9.30 Х/Ф «ДАМСКОЕ ТАНГО»
11.15, 12.30 Х/Ф «ДВЕНАД-
ЦАТЬ СТУЛЬЕВ»
15.00 СЕЙЧАС
15.30 Т/С «ВОЛНЫ ЧЕРНОГО
МОРЯ»
17.00 ОТКРЫТАЯ СТУДИЯ
18.00 ПРОГРАММА ПЕРЕДАЧ
19.00, 22.00 СЕЙЧАС
19.30 РЕАЛЬНЫЙ МИР
20.00 Д/Ф «БОМБА ДЛЯ ХРУ-
ЩЕВА. ИСТОРИЧЕС-
КИЙ ДЕТЕКТИВ»
21.00 СУД ВРЕМЕНИ
22.30 Х/Ф «ОБМАН»
00.30 НОЧЬ НА ПЯТОМ
01.00 Х/Ф «СКАЧУЩИЕ ИЗДА-
ЛЕКА»
02.55 Х/Ф «РИККИ»
04.45 Д/С «100 ЛЕТ УЖАСА»
ДТВ Урал
6.00 МУЛЬТФИЛЬМЫ
8.00 «ТЫСЯЧА МЕЛОЧЕЙ»
8.30, 12.30 САМОЕ СМЕШНОЕ
ВИДЕО
9.30 Т/С «ЗАКОН»
10.35 Х/Ф «БЕЗ ПРАВА НА
ОШИБКУ»
13.00 «СУДЕБНЫЕ СТРАСТИ»
14.00, 23.00 Т/С «ГРАЖДАНИН
НАЧАЛЬНИК»
15.00 «УЛЕТНОЕ ВИДЕО»
16.00 «ДОРОЖНЫЕ ВОЙНЫ»
16.30 «ВНЕ ЗАКОНА»
17.00 «СУДЕБНЫЕ СТРАСТИ»
18.00 «ДЕПАРТАМЕНТ СОБСТВЕН-
НОЙ БЕЗОПАСНОСТИ»
18.30 «ДЕНЬ»
19.30, 00.00 «НА ИЗМЕНЕ»
20.00 «УЛЕТНОЕ ВИДЕО»
21.00 «ДОРОЖНЫЕ ВОЙНЫ»
22.00, 00.30 «БРАЧНОЕ ЧТИВО»
01.00, 05.00 Т/С «БЕЗМОЛВ-
НЫЙ СВИДЕТЕЛЬ»
01.30 Т/С «ДНЕВНИКИ «КРАС-
НОЙ ТУФЕЛЬКИ»
02.00 «ЧУВСТВА ЧЕЛОВЕКА»
03.05 Т/С «ИЩЕЙКА»
04.05 «ДИАГНОЗ: УБИЙСТВО»
MTV
6.00 RUSSIAN MUSIC
7.00 СТЕРЕО_УТРО
9.40, 14.50 HIT CHART
10.10 СВАДЕБНЫЙ ПЕРЕПОЛОХ
10.30 ШКОЛА ПРИКОЛА
10.55 СВИДАНИЕ НА ВЫЖИ-
ВАНИЕ
11.25 ПРОВЕРКА СЛУХОВ
11.55 ЗВЕЗДЫ НА ЛАДОНИ
12.25 DANCE CHART
13.30 КИНОЧАРТ
14.00 ТАЧКУ НА ПРОКАЧКУ
14.25, 00.55 СЛЕДУЮЩИЙ
15.15 BUYS NEWS
15.40 ЧИКИ & ФРИКИ
16.35, 20.10 «ПОДИУМ»
17.25 МОДЕЛЬНАЯ ШКОЛА
17.50 «ПЛОХИЕ ДЕВЧОНКИ»
18.15, 22.30 Т/С «ЛЮБОВЬ НА
ШЕСТЕРЫХ»
18.50, 22.00 Т/С «СЕКС В
БОЛЬШОМ ГОРОДЕ»
19.20 LIVE IN TELE-CLUB
21.05 МОДЕЛЬНАЯ ШКОЛА
21.30 «ПЛОХИЕ ДЕВЧОНКИ»
23.05 Т/С «КЛИНИКА»
23.30 Т/С «ПЯТЕРО ПОД СО-
НЦЕМ»
00.05 ШКОЛА ПРИКОЛА
00.30 ТАЙНЫЕ СОБЛАЗНЫ
ЦТУ
20.00 «ОБРАЗОВАНИЕ»
20.30 Т/С «ОГНЕБОРЦЫ»
21.30, 01.00, 03.25 «СОБЫ-
ТИЯ. ИТОГИ»
22.30, 02.25 «ТАУ. ОСОБЫЙ
ВЗГЛЯД»
23.30, 04.25 «СОБЫТИЯ УРФО»
00.40 «АВТОБАНЗА»
01.40 «СОБЫТИЯ. ИТОГИ»
02.00 «КОМУ ОТЛИЧНЫЙ РЕ-
МОНТ?!»
6.00 МУЛЬТФИЛЬМЫ
7.00 ДОКУМ. ФИЛЬМЫ
10.00, 18.00 Т/С «АНГАР 13»
11.00, 19.00 Т/С «КАСЛ»
12.00, 20.00 Т/С «КУКЛЫ КОЛ-
ДУНА»
13.00 ДОКУМ. ФИЛЬМЫ
17.00 Т/С «БЕГЛЕЦ»
21.00 ДОКУМ. ФИЛЬМ
22.00 Х/Ф «ЗВЕЗДНЫЕ ВРАТА:
КОВЧЕГ ПРАВДЫ»
00.00 ДОКУМ. ФИЛЬМ
01.00 Т/С «ЗА ГРАНЬЮ ВОЗ-
МОЖНОГО»
02.00 Х/Ф «БЕГУЩИЕ К ЗВЕЗ-
ДАМ»
04.00 Т/С «АНГЕЛ»
05.00 Т/С «ЗЕНА - КОРОЛЕВА
ВОИНОВ»
